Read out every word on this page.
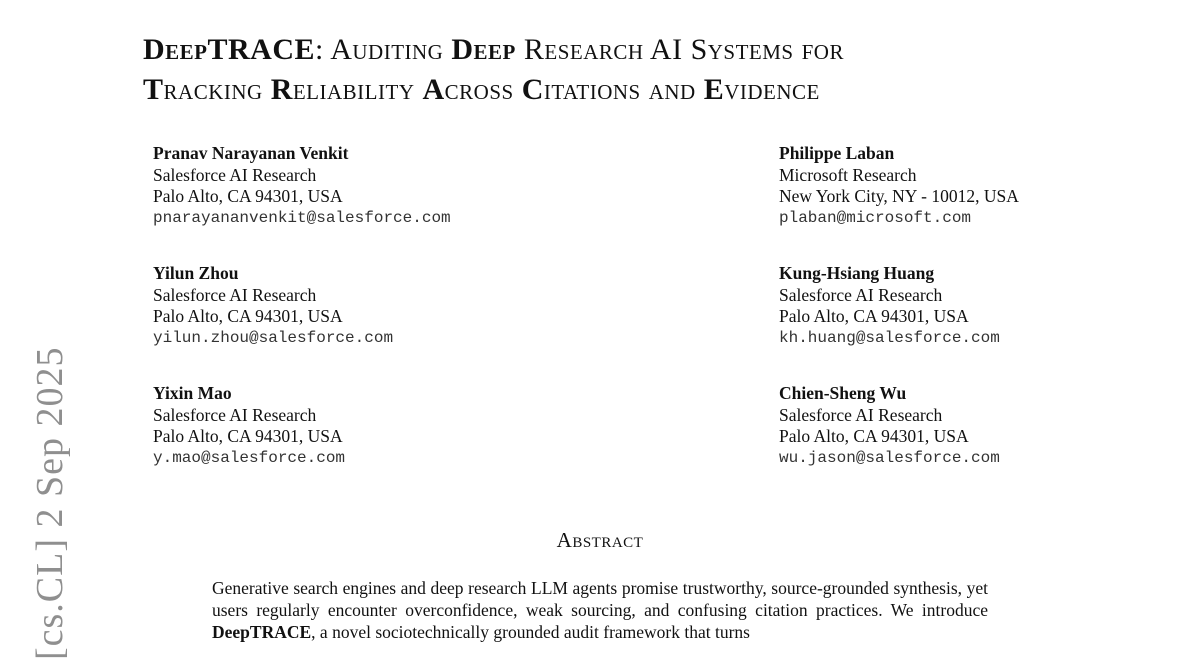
[cs.CL] 2 Sep 2025
DeepTRACE: Auditing Deep Research AI Systems for
Tracking Reliability Across Citations and Evidence
Pranav Narayanan Venkit
Salesforce AI Research
Palo Alto, CA 94301, USA
pnarayananvenkit@salesforce.com
Philippe Laban
Microsoft Research
New York City, NY - 10012, USA
plaban@microsoft.com
Yilun Zhou
Salesforce AI Research
Palo Alto, CA 94301, USA
yilun.zhou@salesforce.com
Kung-Hsiang Huang
Salesforce AI Research
Palo Alto, CA 94301, USA
kh.huang@salesforce.com
Yixin Mao
Salesforce AI Research
Palo Alto, CA 94301, USA
y.mao@salesforce.com
Chien-Sheng Wu
Salesforce AI Research
Palo Alto, CA 94301, USA
wu.jason@salesforce.com
Abstract

Generative search engines and deep research LLM agents promise trustworthy, source-grounded synthesis, yet users regularly encounter overconfidence, weak sourcing, and confusing citation practices. We introduce DeepTRACE, a novel sociotechnically grounded audit framework that turns
